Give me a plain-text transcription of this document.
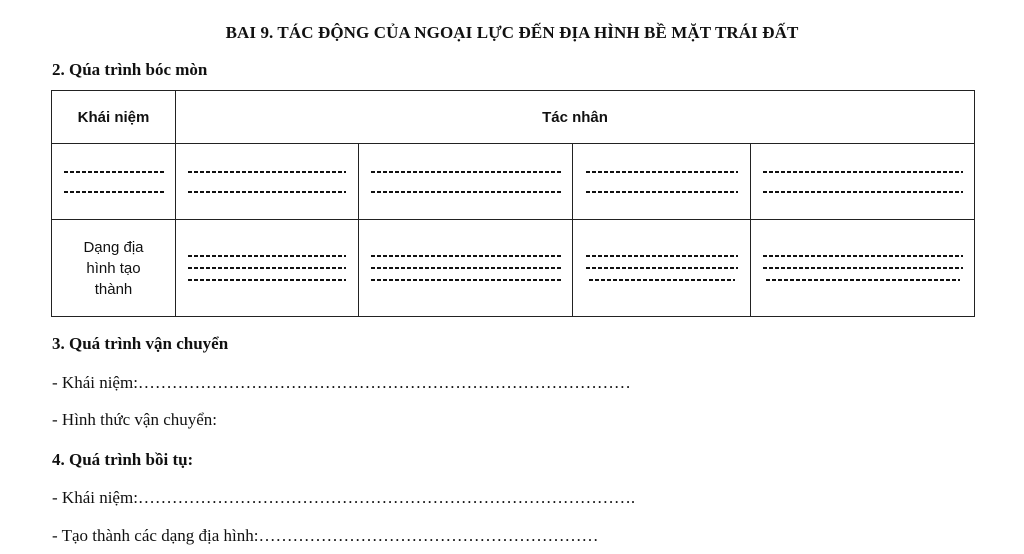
BAI 9. TÁC ĐỘNG CỦA NGOẠI LỰC ĐẾN ĐỊA HÌNH BỀ MẶT TRÁI ĐẤT
2. Qúa trình bóc mòn
Khái niệm	Tác nhân			

Dạng địa hình tạo thành	

3. Quá trình vận chuyển
- Khái niệm:……………………………………………………………………………
- Hình thức vận chuyển:
4. Quá trình bồi tụ:
- Khái niệm:…………………………………………………………………………….
- Tạo thành các dạng địa hình:……………………………………………………
